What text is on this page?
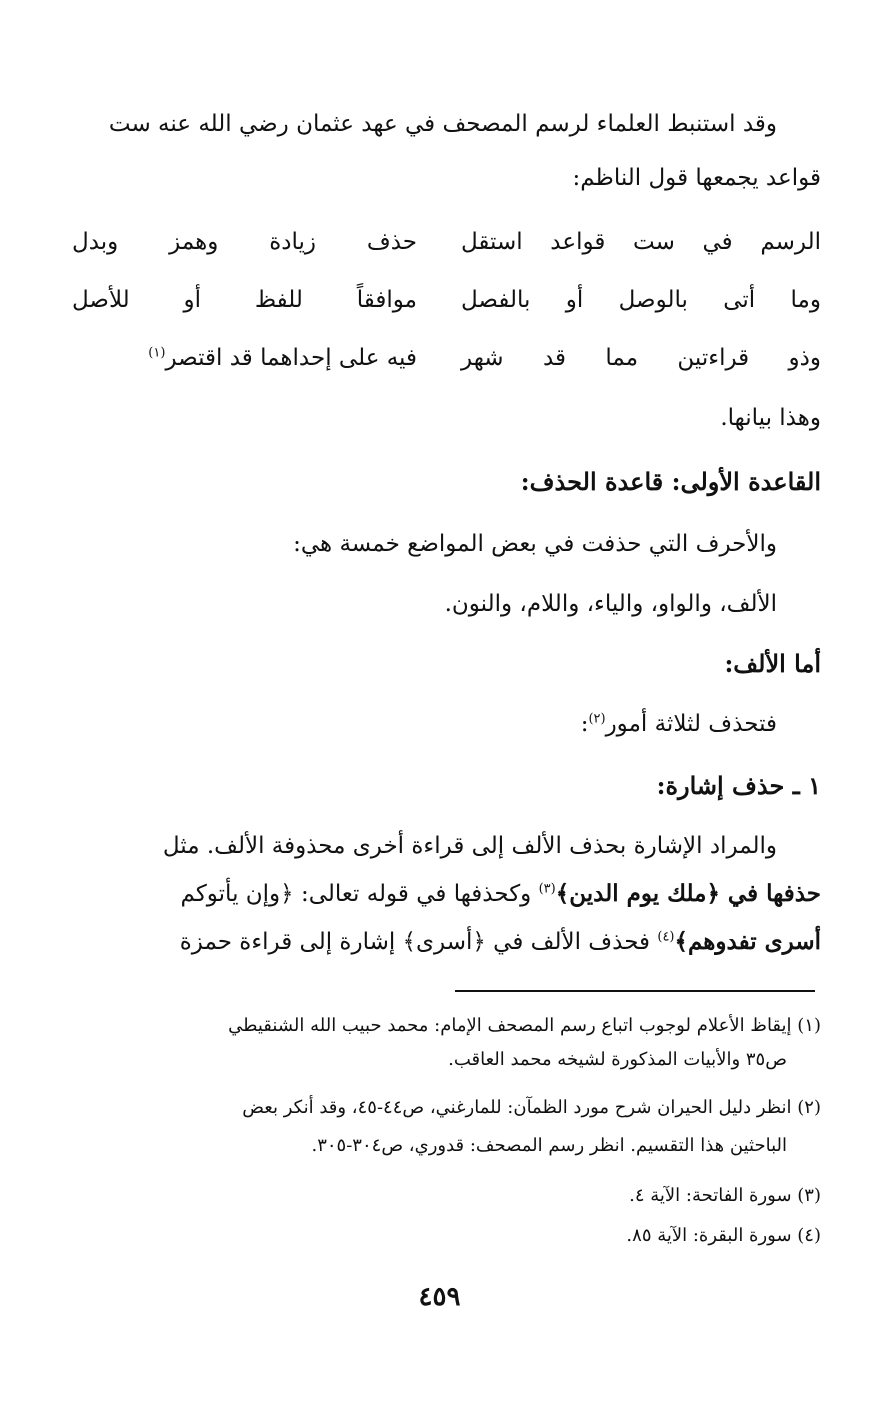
وقد استنبط العلماء لرسم المصحف في عهد عثمان رضي الله عنه ست
قواعد يجمعها قول الناظم:
الرسم في ست قواعد استقل
حذف زيادة وهمز وبدل
وما أتى بالوصل أو بالفصل
موافقاً للفظ أو للأصل
وذو قراءتين مما قد شهر
فيه على إحداهما قد اقتصر$^{(١)}$
وهذا بيانها.
القاعدة الأولى: قاعدة الحذف:
والأحرف التي حذفت في بعض المواضع خمسة هي:
الألف، والواو، والياء، واللام، والنون.
أما الألف:
فتحذف لثلاثة أمور$^{(٢)}$:
١ ـ حذف إشارة:
والمراد الإشارة بحذف الألف إلى قراءة أخرى محذوفة الألف. مثل
حذفها في ﴿ملك يوم الدين﴾$^{(٣)}$ وكحذفها في قوله تعالى: ﴿وإن يأتوكم
أسرى تفدوهم﴾$^{(٤)}$ فحذف الألف في ﴿أسرى﴾ إشارة إلى قراءة حمزة
(١) إيقاظ الأعلام لوجوب اتباع رسم المصحف الإمام: محمد حبيب الله الشنقيطي
ص٣٥ والأبيات المذكورة لشيخه محمد العاقب.
(٢) انظر دليل الحيران شرح مورد الظمآن: للمارغني، ص٤٤-٤٥، وقد أنكر بعض
الباحثين هذا التقسيم. انظر رسم المصحف: قدوري، ص٣٠٤-٣٠٥.
(٣) سورة الفاتحة: الآية ٤.
(٤) سورة البقرة: الآية ٨٥.
٤٥٩
